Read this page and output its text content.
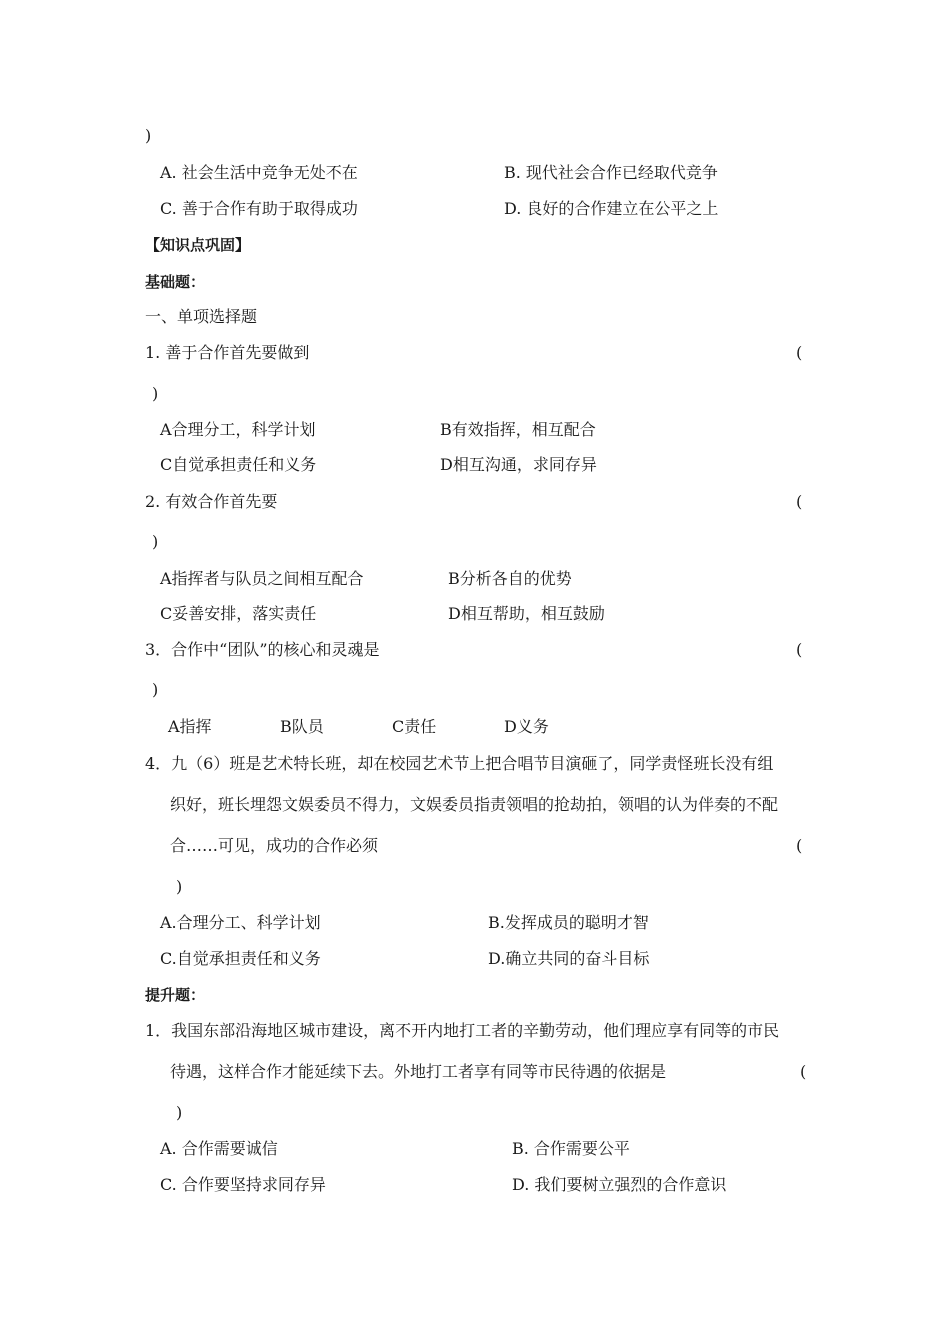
)
A. 社会生活中竞争无处不在	B. 现代社会合作已经取代竞争
C. 善于合作有助于取得成功	D. 良好的合作建立在公平之上
【知识点巩固】
基础题：
一、单项选择题
1. 善于合作首先要做到	(
)
A合理分工，科学计划	B有效指挥，相互配合
C自觉承担责任和义务	D相互沟通，求同存异
2. 有效合作首先要	(
)
A指挥者与队员之间相互配合	B分析各自的优势
C妥善安排，落实责任	D相互帮助，相互鼓励
3．合作中“团队”的核心和灵魂是	(
)
A指挥	B队员	C责任	D义务
4．九（6）班是艺术特长班，却在校园艺术节上把合唱节目演砸了，同学责怪班长没有组
织好，班长埋怨文娱委员不得力，文娱委员指责领唱的抢劫拍，领唱的认为伴奏的不配
合……可见，成功的合作必须	(
)
A.合理分工、科学计划	B.发挥成员的聪明才智
C.自觉承担责任和义务	D.确立共同的奋斗目标
提升题：
1．我国东部沿海地区城市建设，离不开内地打工者的辛勤劳动，他们理应享有同等的市民
待遇，这样合作才能延续下去。外地打工者享有同等市民待遇的依据是	(
)
A. 合作需要诚信	B. 合作需要公平
C. 合作要坚持求同存异	D. 我们要树立强烈的合作意识
